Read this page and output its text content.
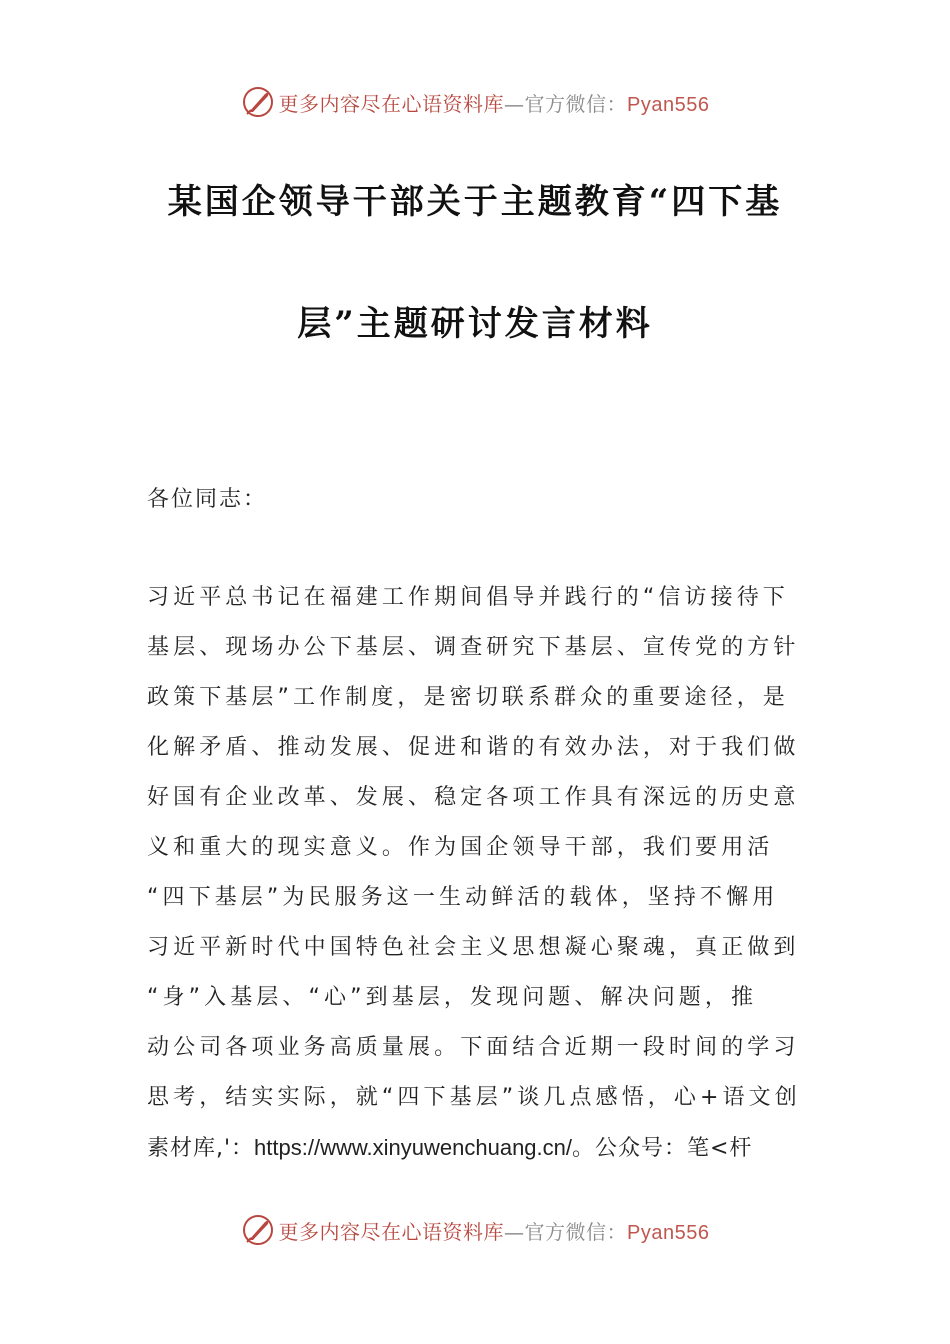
更多内容尽在心语资料库—官方微信：Pyan556
某国企领导干部关于主题教育“四下基
层”主题研讨发言材料
各位同志：
习近平总书记在福建工作期间倡导并践行的“信访接待下
基层、现场办公下基层、调查研究下基层、宣传党的方针
政策下基层”工作制度，是密切联系群众的重要途径，是
化解矛盾、推动发展、促进和谐的有效办法，对于我们做
好国有企业改革、发展、稳定各项工作具有深远的历史意
义和重大的现实意义。作为国企领导干部，我们要用活
“四下基层”为民服务这一生动鲜活的载体，坚持不懈用
习近平新时代中国特色社会主义思想凝心聚魂，真正做到
“身”入基层、“心”到基层，发现问题、解决问题，推
动公司各项业务高质量展。下面结合近期一段时间的学习
思考，结实实际，就“四下基层”谈几点感悟，心+语文创
素材库,'：https://www.xinyuwenchuang.cn/。公众号：笔<杆
更多内容尽在心语资料库—官方微信：Pyan556
